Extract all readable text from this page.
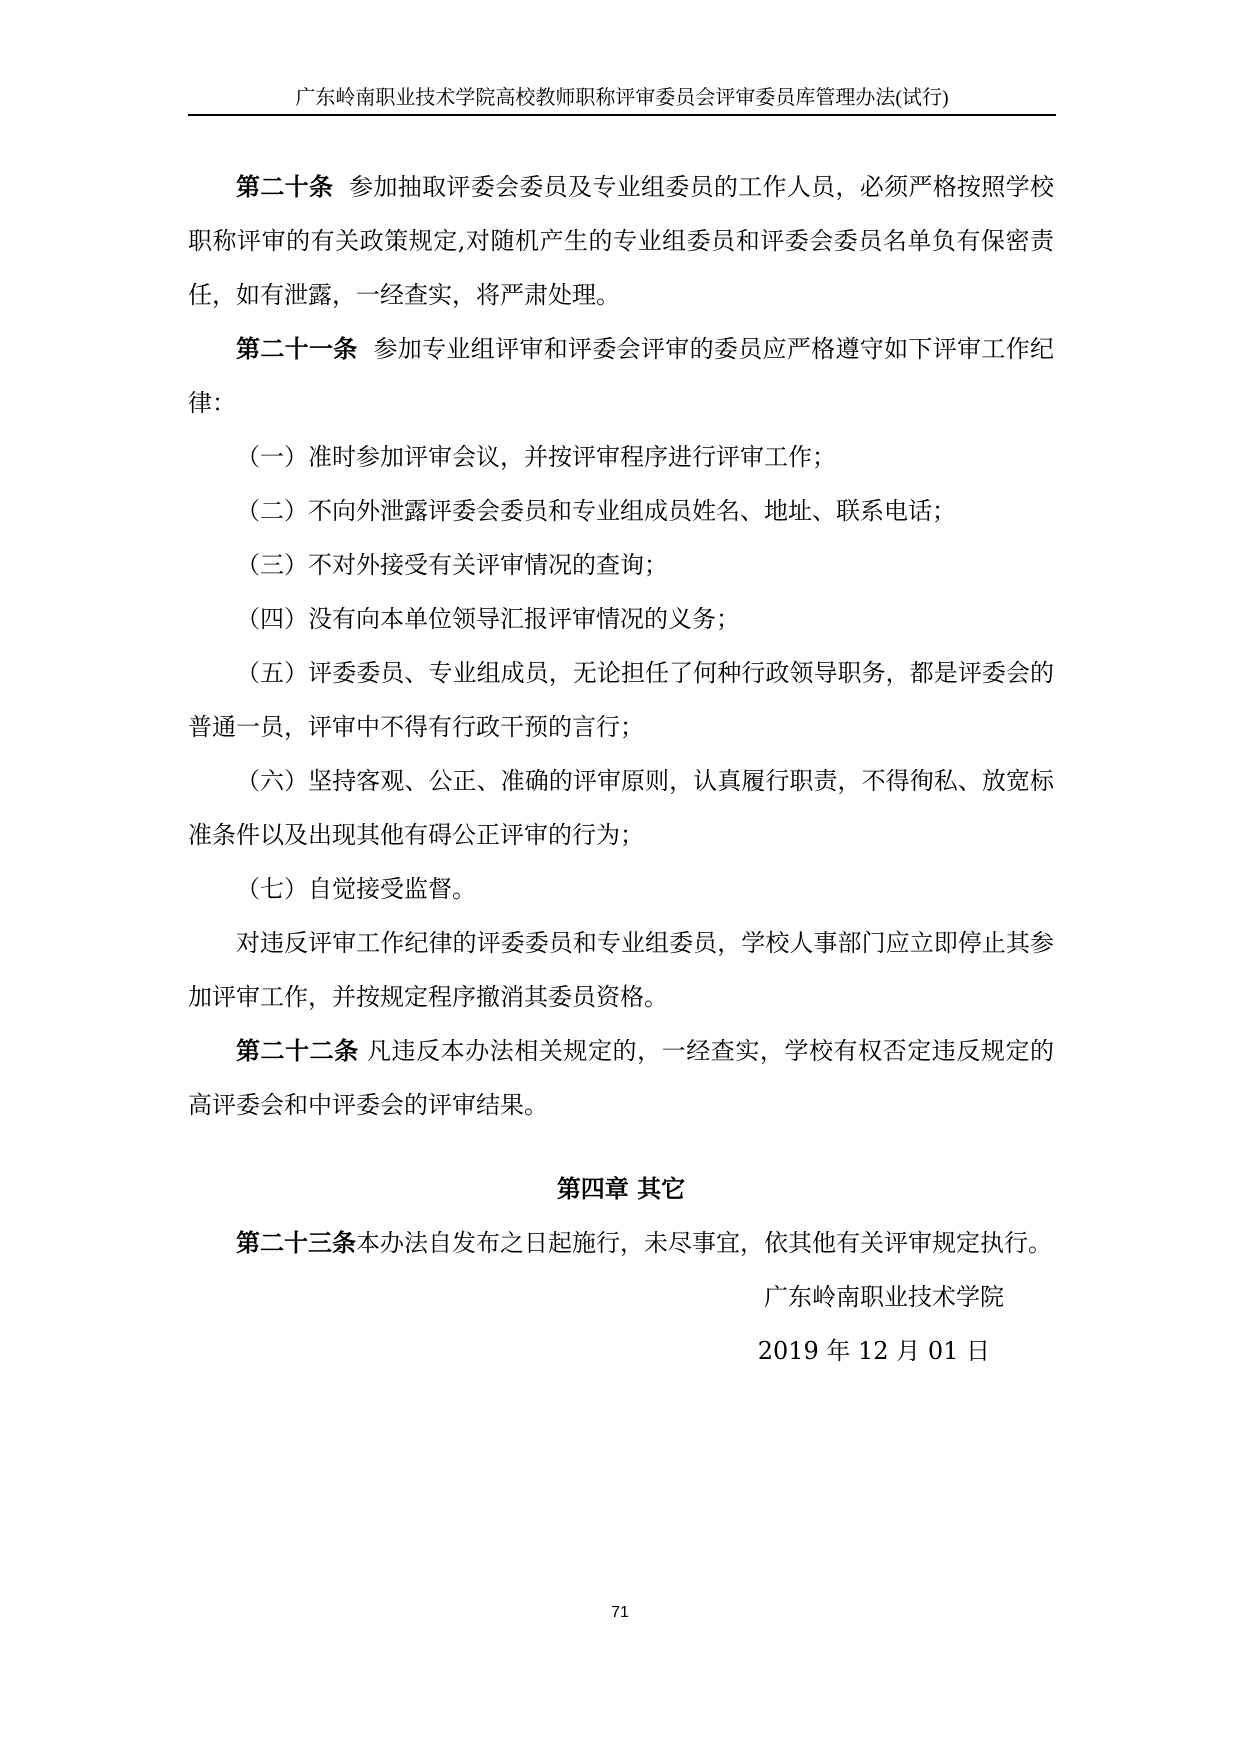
广东岭南职业技术学院高校教师职称评审委员会评审委员库管理办法(试行)

第二十条 参加抽取评委会委员及专业组委员的工作人员，必须严格按照学校职称评审的有关政策规定,对随机产生的专业组委员和评委会委员名单负有保密责任，如有泄露，一经查实，将严肃处理。

第二十一条 参加专业组评审和评委会评审的委员应严格遵守如下评审工作纪律：

（一）准时参加评审会议，并按评审程序进行评审工作；

（二）不向外泄露评委会委员和专业组成员姓名、地址、联系电话；

（三）不对外接受有关评审情况的查询；

（四）没有向本单位领导汇报评审情况的义务；

（五）评委委员、专业组成员，无论担任了何种行政领导职务，都是评委会的普通一员，评审中不得有行政干预的言行；

（六）坚持客观、公正、准确的评审原则，认真履行职责，不得徇私、放宽标准条件以及出现其他有碍公正评审的行为；

（七）自觉接受监督。

对违反评审工作纪律的评委委员和专业组委员，学校人事部门应立即停止其参加评审工作，并按规定程序撤消其委员资格。

第二十二条 凡违反本办法相关规定的，一经查实，学校有权否定违反规定的高评委会和中评委会的评审结果。

第四章 其它

第二十三条本办法自发布之日起施行，未尽事宜，依其他有关评审规定执行。

广东岭南职业技术学院

2019 年 12 月 01 日

71
